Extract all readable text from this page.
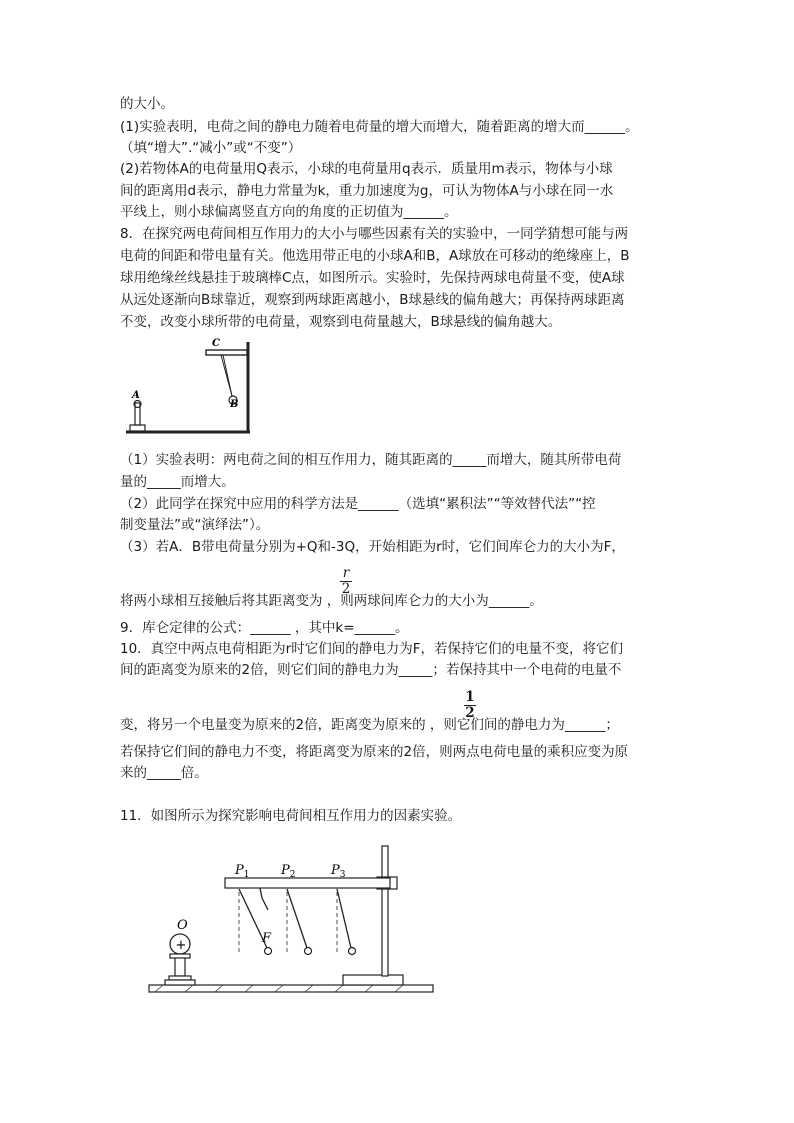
的大小。
(1)实验表明，电荷之间的静电力随着电荷量的增大而增大，随着距离的增大而______。
（填“增大”.“减小”或“不变”）
(2)若物体A的电荷量用Q表示，小球的电荷量用q表示．质量用m表示，物体与小球
间的距离用d表示，静电力常量为k，重力加速度为g，可认为物体A与小球在同一水
平线上，则小球偏离竖直方向的角度的正切值为______。
8．在探究两电荷间相互作用力的大小与哪些因素有关的实验中，一同学猜想可能与两
电荷的间距和带电量有关。他选用带正电的小球A和B，A球放在可移动的绝缘座上，B
球用绝缘丝线悬挂于玻璃棒C点，如图所示。实验时，先保持两球电荷量不变，使A球
从远处逐渐向B球靠近，观察到两球距离越小，B球悬线的偏角越大；再保持两球距离
不变，改变小球所带的电荷量，观察到电荷量越大，B球悬线的偏角越大。
C
B
A
（1）实验表明：两电荷之间的相互作用力，随其距离的_____而增大，随其所带电荷
量的_____而增大。
（2）此同学在探究中应用的科学方法是______（选填“累积法”“等效替代法”“控
制变量法”或“演绎法”）。
（3）若A．B带电荷量分别为+Q和-3Q，开始相距为r时，它们间库仑力的大小为F，
r
2
将两小球相互接触后将其距离变为 ，则两球间库仑力的大小为______。
9．库仑定律的公式：______ ，其中k=______。
10．真空中两点电荷相距为r时它们间的静电力为F，若保持它们的电量不变，将它们
间的距离变为原来的2倍，则它们间的静电力为_____；若保持其中一个电荷的电量不
1
2
变，将另一个电量变为原来的2倍，距离变为原来的 ，则它们间的静电力为______；
若保持它们间的静电力不变，将距离变为原来的2倍，则两点电荷电量的乘积应变为原
来的_____倍。
11．如图所示为探究影响电荷间相互作用力的因素实验。
+
O
F
$P_1$ $P_2$	$P_3$
